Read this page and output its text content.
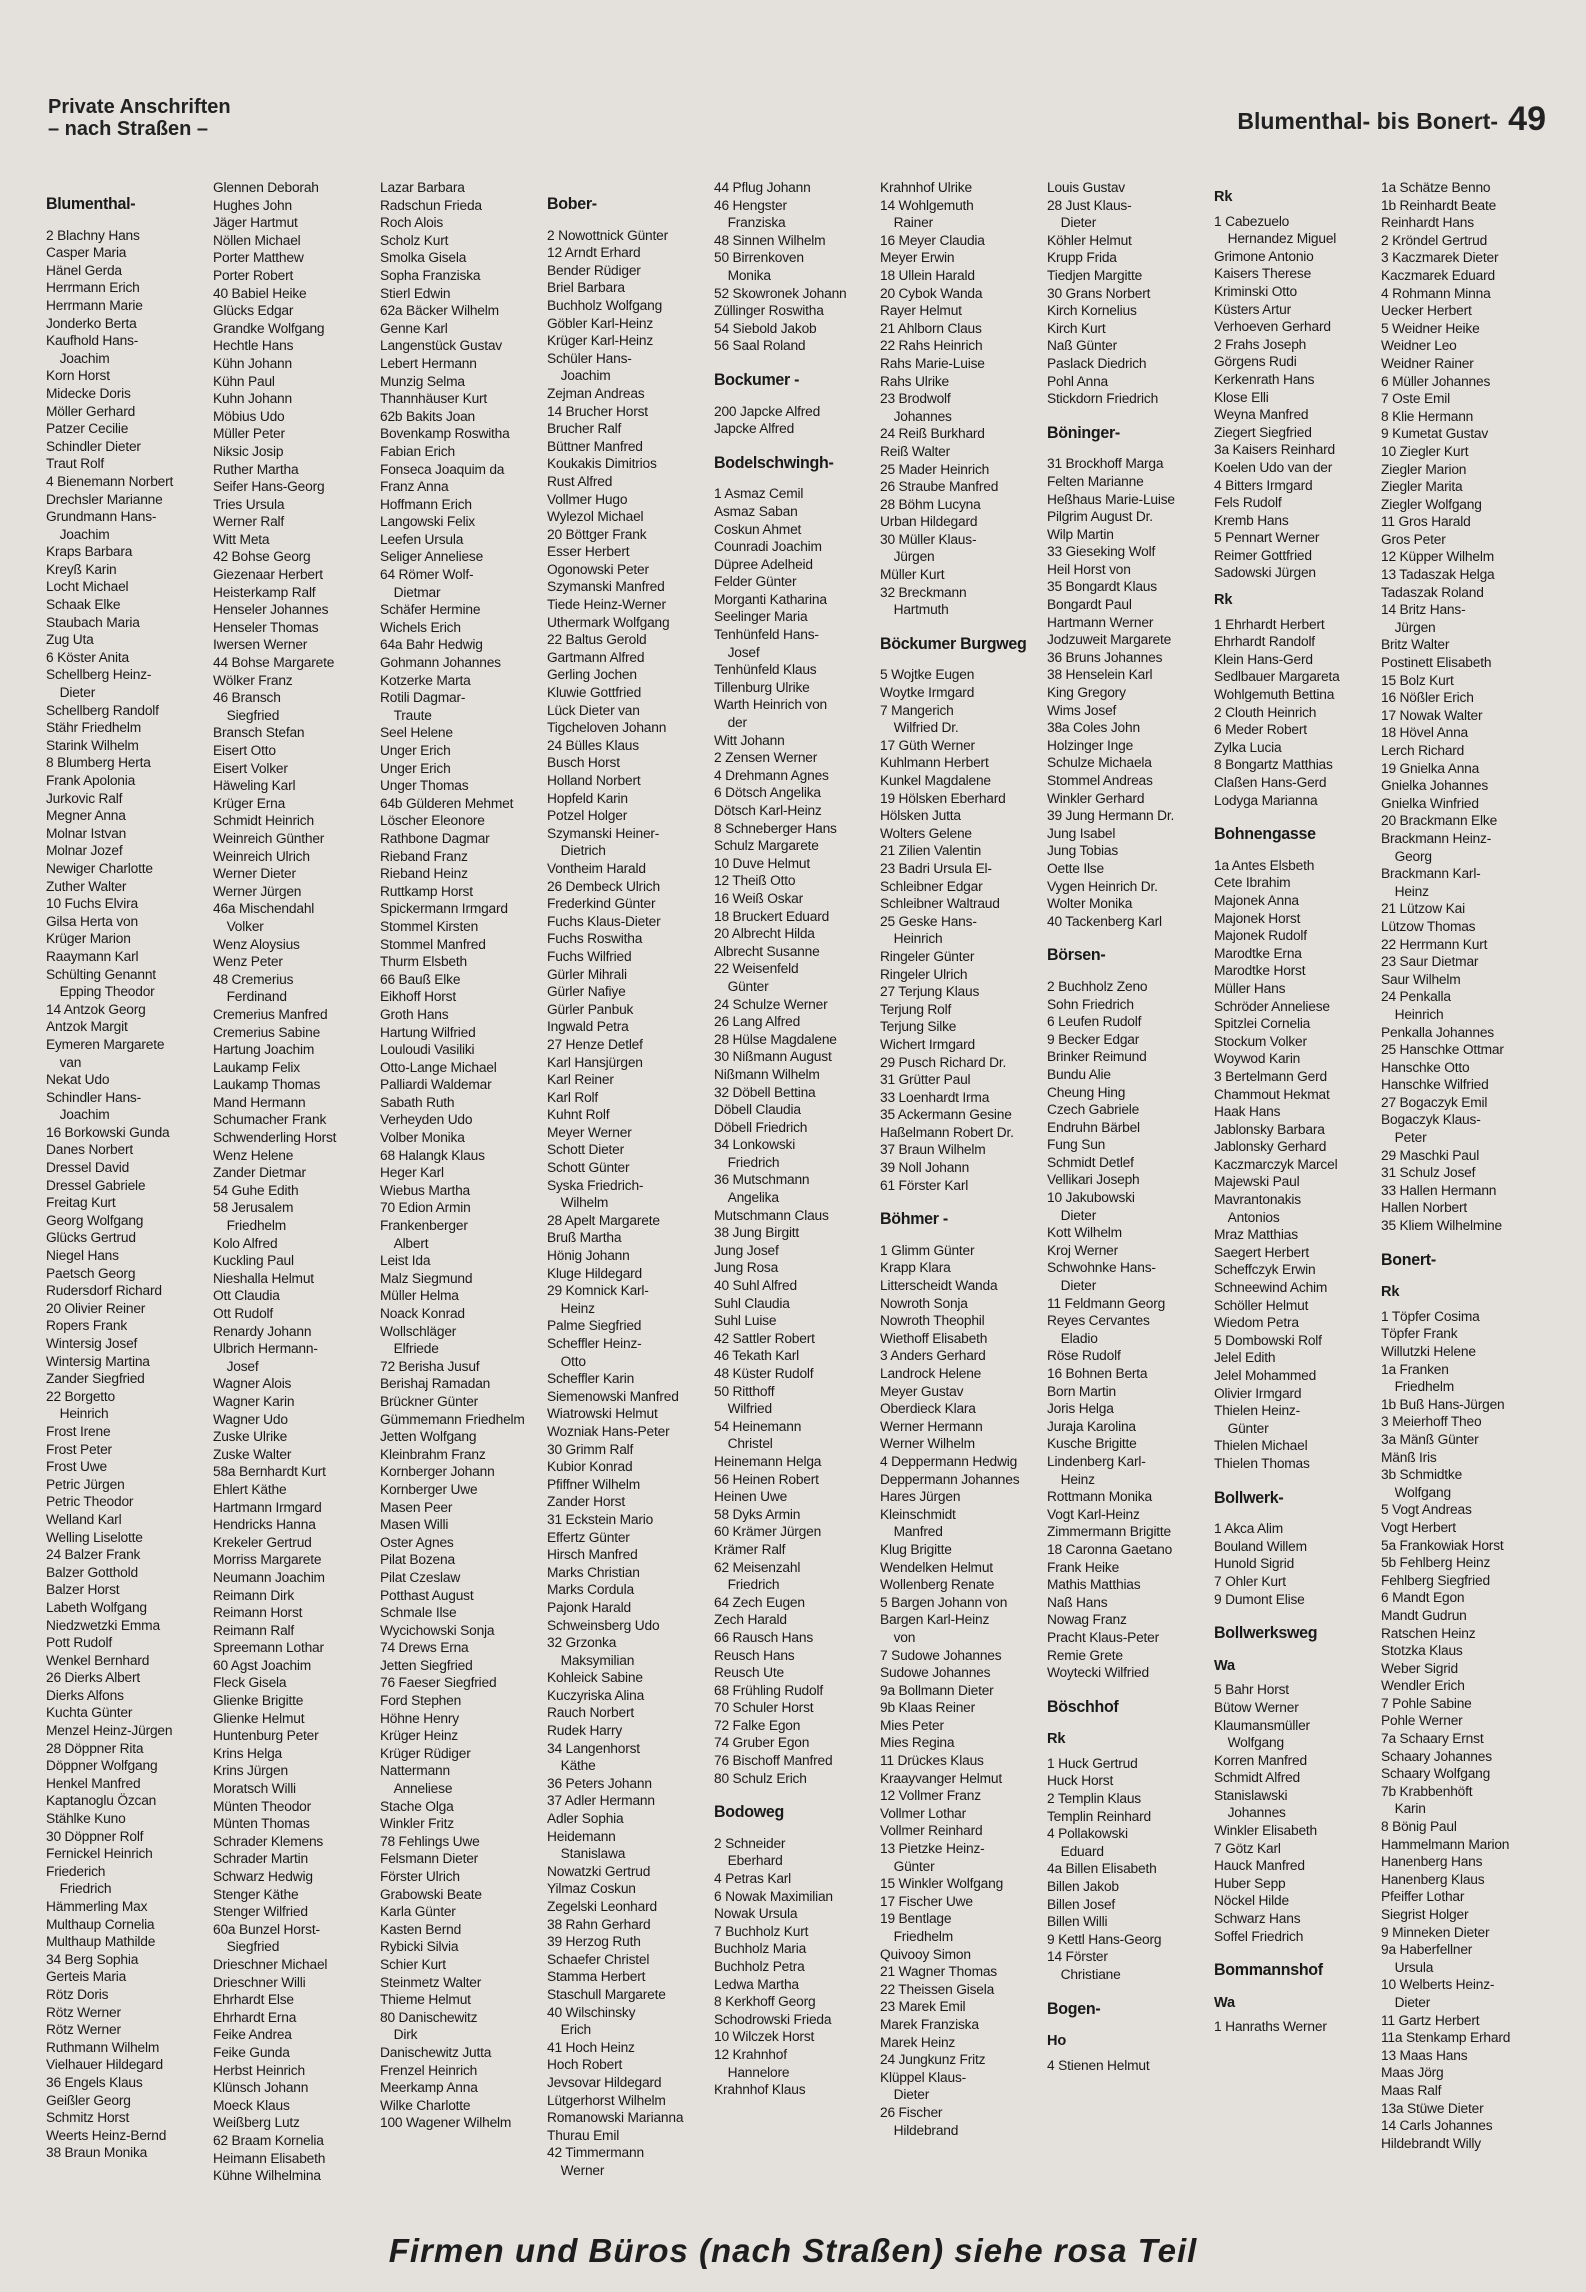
Private Anschriften
– nach Straßen –	Blumenthal- bis Bonert- 49
Blumenthal-
2 Blachny Hans
Casper Maria
Hänel Gerda
Herrmann Erich
Herrmann Marie
Jonderko Berta
Kaufhold Hans-
Joachim
Korn Horst
Midecke Doris
Möller Gerhard
Patzer Cecilie
Schindler Dieter
Traut Rolf
4 Bienemann Norbert
Drechsler Marianne
Grundmann Hans-
Joachim
Kraps Barbara
Kreyß Karin
Locht Michael
Schaak Elke
Staubach Maria
Zug Uta
6 Köster Anita
Schellberg Heinz-
Dieter
Schellberg Randolf
Stähr Friedhelm
Starink Wilhelm
8 Blumberg Herta
Frank Apolonia
Jurkovic Ralf
Megner Anna
Molnar Istvan
Molnar Jozef
Newiger Charlotte
Zuther Walter
10 Fuchs Elvira
Gilsa Herta von
Krüger Marion
Raaymann Karl
Schülting Genannt
Epping Theodor
14 Antzok Georg
Antzok Margit
Eymeren Margarete
van
Nekat Udo
Schindler Hans-
Joachim
16 Borkowski Gunda
Danes Norbert
Dressel David
Dressel Gabriele
Freitag Kurt
Georg Wolfgang
Glücks Gertrud
Niegel Hans
Paetsch Georg
Rudersdorf Richard
20 Olivier Reiner
Ropers Frank
Wintersig Josef
Wintersig Martina
Zander Siegfried
22 Borgetto
Heinrich
Frost Irene
Frost Peter
Frost Uwe
Petric Jürgen
Petric Theodor
Welland Karl
Welling Liselotte
24 Balzer Frank
Balzer Gotthold
Balzer Horst
Labeth Wolfgang
Niedzwetzki Emma
Pott Rudolf
Wenkel Bernhard
26 Dierks Albert
Dierks Alfons
Kuchta Günter
Menzel Heinz-Jürgen
28 Döppner Rita
Döppner Wolfgang
Henkel Manfred
Kaptanoglu Özcan
Stählke Kuno
30 Döppner Rolf
Fernickel Heinrich
Friederich
Friedrich
Hämmerling Max
Multhaup Cornelia
Multhaup Mathilde
34 Berg Sophia
Gerteis Maria
Rötz Doris
Rötz Werner
Rötz Werner
Ruthmann Wilhelm
Vielhauer Hildegard
36 Engels Klaus
Geißler Georg
Schmitz Horst
Weerts Heinz-Bernd
38 Braun Monika
Glennen Deborah
Hughes John
Jäger Hartmut
Nöllen Michael
Porter Matthew
Porter Robert
40 Babiel Heike
Glücks Edgar
Grandke Wolfgang
Hechtle Hans
Kühn Johann
Kühn Paul
Kuhn Johann
Möbius Udo
Müller Peter
Niksic Josip
Ruther Martha
Seifer Hans-Georg
Tries Ursula
Werner Ralf
Witt Meta
42 Bohse Georg
Giezenaar Herbert
Heisterkamp Ralf
Henseler Johannes
Henseler Thomas
Iwersen Werner
44 Bohse Margarete
Wölker Franz
46 Bransch
Siegfried
Bransch Stefan
Eisert Otto
Eisert Volker
Häweling Karl
Krüger Erna
Schmidt Heinrich
Weinreich Günther
Weinreich Ulrich
Werner Dieter
Werner Jürgen
46a Mischendahl
Volker
Wenz Aloysius
Wenz Peter
48 Cremerius
Ferdinand
Cremerius Manfred
Cremerius Sabine
Hartung Joachim
Laukamp Felix
Laukamp Thomas
Mand Hermann
Schumacher Frank
Schwenderling Horst
Wenz Helene
Zander Dietmar
54 Guhe Edith
58 Jerusalem
Friedhelm
Kolo Alfred
Kuckling Paul
Nieshalla Helmut
Ott Claudia
Ott Rudolf
Renardy Johann
Ulbrich Hermann-
Josef
Wagner Alois
Wagner Karin
Wagner Udo
Zuske Ulrike
Zuske Walter
58a Bernhardt Kurt
Ehlert Käthe
Hartmann Irmgard
Hendricks Hanna
Krekeler Gertrud
Morriss Margarete
Neumann Joachim
Reimann Dirk
Reimann Horst
Reimann Ralf
Spreemann Lothar
60 Agst Joachim
Fleck Gisela
Glienke Brigitte
Glienke Helmut
Huntenburg Peter
Krins Helga
Krins Jürgen
Moratsch Willi
Münten Theodor
Münten Thomas
Schrader Klemens
Schrader Martin
Schwarz Hedwig
Stenger Käthe
Stenger Wilfried
60a Bunzel Horst-
Siegfried
Drieschner Michael
Drieschner Willi
Ehrhardt Else
Ehrhardt Erna
Feike Andrea
Feike Gunda
Herbst Heinrich
Klünsch Johann
Moeck Klaus
Weißberg Lutz
62 Braam Kornelia
Heimann Elisabeth
Kühne Wilhelmina
Lazar Barbara
Radschun Frieda
Roch Alois
Scholz Kurt
Smolka Gisela
Sopha Franziska
Stierl Edwin
62a Bäcker Wilhelm
Genne Karl
Langenstück Gustav
Lebert Hermann
Munzig Selma
Thannhäuser Kurt
62b Bakits Joan
Bovenkamp Roswitha
Fabian Erich
Fonseca Joaquim da
Franz Anna
Hoffmann Erich
Langowski Felix
Leefen Ursula
Seliger Anneliese
64 Römer Wolf-
Dietmar
Schäfer Hermine
Wichels Erich
64a Bahr Hedwig
Gohmann Johannes
Kotzerke Marta
Rotili Dagmar-
Traute
Seel Helene
Unger Erich
Unger Erich
Unger Thomas
64b Gülderen Mehmet
Löscher Eleonore
Rathbone Dagmar
Rieband Franz
Rieband Heinz
Ruttkamp Horst
Spickermann Irmgard
Stommel Kirsten
Stommel Manfred
Thurm Elsbeth
66 Bauß Elke
Eikhoff Horst
Groth Hans
Hartung Wilfried
Louloudi Vasiliki
Otto-Lange Michael
Palliardi Waldemar
Sabath Ruth
Verheyden Udo
Volber Monika
68 Halangk Klaus
Heger Karl
Wiebus Martha
70 Edion Armin
Frankenberger
Albert
Leist Ida
Malz Siegmund
Müller Helma
Noack Konrad
Wollschläger
Elfriede
72 Berisha Jusuf
Berishaj Ramadan
Brückner Günter
Gümmemann Friedhelm
Jetten Wolfgang
Kleinbrahm Franz
Kornberger Johann
Kornberger Uwe
Masen Peer
Masen Willi
Oster Agnes
Pilat Bozena
Pilat Czeslaw
Potthast August
Schmale Ilse
Wycichowski Sonja
74 Drews Erna
Jetten Siegfried
76 Faeser Siegfried
Ford Stephen
Höhne Henry
Krüger Heinz
Krüger Rüdiger
Nattermann
Anneliese
Stache Olga
Winkler Fritz
78 Fehlings Uwe
Felsmann Dieter
Förster Ulrich
Grabowski Beate
Karla Günter
Kasten Bernd
Rybicki Silvia
Schier Kurt
Steinmetz Walter
Thieme Helmut
80 Danischewitz
Dirk
Danischewitz Jutta
Frenzel Heinrich
Meerkamp Anna
Wilke Charlotte
100 Wagener Wilhelm
Bober-
2 Nowottnick Günter
12 Arndt Erhard
Bender Rüdiger
Briel Barbara
Buchholz Wolfgang
Göbler Karl-Heinz
Krüger Karl-Heinz
Schüler Hans-
Joachim
Zejman Andreas
14 Brucher Horst
Brucher Ralf
Büttner Manfred
Koukakis Dimitrios
Rust Alfred
Vollmer Hugo
Wylezol Michael
20 Böttger Frank
Esser Herbert
Ogonowski Peter
Szymanski Manfred
Tiede Heinz-Werner
Uthermark Wolfgang
22 Baltus Gerold
Gartmann Alfred
Gerling Jochen
Kluwie Gottfried
Lück Dieter van
Tigcheloven Johann
24 Bülles Klaus
Busch Horst
Holland Norbert
Hopfeld Karin
Potzel Holger
Szymanski Heiner-
Dietrich
Vontheim Harald
26 Dembeck Ulrich
Frederkind Günter
Fuchs Klaus-Dieter
Fuchs Roswitha
Fuchs Wilfried
Gürler Mihrali
Gürler Nafiye
Gürler Panbuk
Ingwald Petra
27 Henze Detlef
Karl Hansjürgen
Karl Reiner
Karl Rolf
Kuhnt Rolf
Meyer Werner
Schott Dieter
Schott Günter
Syska Friedrich-
Wilhelm
28 Apelt Margarete
Bruß Martha
Hönig Johann
Kluge Hildegard
29 Komnick Karl-
Heinz
Palme Siegfried
Scheffler Heinz-
Otto
Scheffler Karin
Siemenowski Manfred
Wiatrowski Helmut
Wozniak Hans-Peter
30 Grimm Ralf
Kubior Konrad
Pfiffner Wilhelm
Zander Horst
31 Eckstein Mario
Effertz Günter
Hirsch Manfred
Marks Christian
Marks Cordula
Pajonk Harald
Schweinsberg Udo
32 Grzonka
Maksymilian
Kohleick Sabine
Kuczyriska Alina
Rauch Norbert
Rudek Harry
34 Langenhorst
Käthe
36 Peters Johann
37 Adler Hermann
Adler Sophia
Heidemann
Stanislawa
Nowatzki Gertrud
Yilmaz Coskun
Zegelski Leonhard
38 Rahn Gerhard
39 Herzog Ruth
Schaefer Christel
Stamma Herbert
Staschull Margarete
40 Wilschinsky
Erich
41 Hoch Heinz
Hoch Robert
Jevsovar Hildegard
Lütgerhorst Wilhelm
Romanowski Marianna
Thurau Emil
42 Timmermann
Werner
44 Pflug Johann
46 Hengster
Franziska
48 Sinnen Wilhelm
50 Birrenkoven
Monika
52 Skowronek Johann
Züllinger Roswitha
54 Siebold Jakob
56 Saal Roland
Bockumer -
200 Japcke Alfred
Japcke Alfred
Bodelschwingh-
1 Asmaz Cemil
Asmaz Saban
Coskun Ahmet
Counradi Joachim
Düpree Adelheid
Felder Günter
Morganti Katharina
Seelinger Maria
Tenhünfeld Hans-
Josef
Tenhünfeld Klaus
Tillenburg Ulrike
Warth Heinrich von
der
Witt Johann
2 Zensen Werner
4 Drehmann Agnes
6 Dötsch Angelika
Dötsch Karl-Heinz
8 Schneberger Hans
Schulz Margarete
10 Duve Helmut
12 Theiß Otto
16 Weiß Oskar
18 Bruckert Eduard
20 Albrecht Hilda
Albrecht Susanne
22 Weisenfeld
Günter
24 Schulze Werner
26 Lang Alfred
28 Hülse Magdalene
30 Nißmann August
Nißmann Wilhelm
32 Döbell Bettina
Döbell Claudia
Döbell Friedrich
34 Lonkowski
Friedrich
36 Mutschmann
Angelika
Mutschmann Claus
38 Jung Birgitt
Jung Josef
Jung Rosa
40 Suhl Alfred
Suhl Claudia
Suhl Luise
42 Sattler Robert
46 Tekath Karl
48 Küster Rudolf
50 Ritthoff
Wilfried
54 Heinemann
Christel
Heinemann Helga
56 Heinen Robert
Heinen Uwe
58 Dyks Armin
60 Krämer Jürgen
Krämer Ralf
62 Meisenzahl
Friedrich
64 Zech Eugen
Zech Harald
66 Rausch Hans
Reusch Hans
Reusch Ute
68 Frühling Rudolf
70 Schuler Horst
72 Falke Egon
74 Gruber Egon
76 Bischoff Manfred
80 Schulz Erich
Bodoweg
2 Schneider
Eberhard
4 Petras Karl
6 Nowak Maximilian
Nowak Ursula
7 Buchholz Kurt
Buchholz Maria
Buchholz Petra
Ledwa Martha
8 Kerkhoff Georg
Schodrowski Frieda
10 Wilczek Horst
12 Krahnhof
Hannelore
Krahnhof Klaus
Krahnhof Ulrike
14 Wohlgemuth
Rainer
16 Meyer Claudia
Meyer Erwin
18 Ullein Harald
20 Cybok Wanda
Rayer Helmut
21 Ahlborn Claus
22 Rahs Heinrich
Rahs Marie-Luise
Rahs Ulrike
23 Brodwolf
Johannes
24 Reiß Burkhard
Reiß Walter
25 Mader Heinrich
26 Straube Manfred
28 Böhm Lucyna
Urban Hildegard
30 Müller Klaus-
Jürgen
Müller Kurt
32 Breckmann
Hartmuth
Böckumer Burgweg
5 Wojtke Eugen
Woytke Irmgard
7 Mangerich
Wilfried Dr.
17 Güth Werner
Kuhlmann Herbert
Kunkel Magdalene
19 Hölsken Eberhard
Hölsken Jutta
Wolters Gelene
21 Zilien Valentin
23 Badri Ursula El-
Schleibner Edgar
Schleibner Waltraud
25 Geske Hans-
Heinrich
Ringeler Günter
Ringeler Ulrich
27 Terjung Klaus
Terjung Rolf
Terjung Silke
Wichert Irmgard
29 Pusch Richard Dr.
31 Grütter Paul
33 Loenhardt Irma
35 Ackermann Gesine
Haßelmann Robert Dr.
37 Braun Wilhelm
39 Noll Johann
61 Förster Karl
Böhmer -
1 Glimm Günter
Krapp Klara
Litterscheidt Wanda
Nowroth Sonja
Nowroth Theophil
Wiethoff Elisabeth
3 Anders Gerhard
Landrock Helene
Meyer Gustav
Oberdieck Klara
Werner Hermann
Werner Wilhelm
4 Deppermann Hedwig
Deppermann Johannes
Hares Jürgen
Kleinschmidt
Manfred
Klug Brigitte
Wendelken Helmut
Wollenberg Renate
5 Bargen Johann von
Bargen Karl-Heinz
von
7 Sudowe Johannes
Sudowe Johannes
9a Bollmann Dieter
9b Klaas Reiner
Mies Peter
Mies Regina
11 Drückes Klaus
Kraayvanger Helmut
12 Vollmer Franz
Vollmer Lothar
Vollmer Reinhard
13 Pietzke Heinz-
Günter
15 Winkler Wolfgang
17 Fischer Uwe
19 Bentlage
Friedhelm
Quivooy Simon
21 Wagner Thomas
22 Theissen Gisela
23 Marek Emil
Marek Franziska
Marek Heinz
24 Jungkunz Fritz
Klüppel Klaus-
Dieter
26 Fischer
Hildebrand
Louis Gustav
28 Just Klaus-
Dieter
Köhler Helmut
Krupp Frida
Tiedjen Margitte
30 Grans Norbert
Kirch Kornelius
Kirch Kurt
Naß Günter
Paslack Diedrich
Pohl Anna
Stickdorn Friedrich
Böninger-
31 Brockhoff Marga
Felten Marianne
Heßhaus Marie-Luise
Pilgrim August Dr.
Wilp Martin
33 Gieseking Wolf
Heil Horst von
35 Bongardt Klaus
Bongardt Paul
Hartmann Werner
Jodzuweit Margarete
36 Bruns Johannes
38 Henselein Karl
King Gregory
Wims Josef
38a Coles John
Holzinger Inge
Schulze Michaela
Stommel Andreas
Winkler Gerhard
39 Jung Hermann Dr.
Jung Isabel
Jung Tobias
Oette Ilse
Vygen Heinrich Dr.
Wolter Monika
40 Tackenberg Karl
Börsen-
2 Buchholz Zeno
Sohn Friedrich
6 Leufen Rudolf
9 Becker Edgar
Brinker Reimund
Bundu Alie
Cheung Hing
Czech Gabriele
Endruhn Bärbel
Fung Sun
Schmidt Detlef
Vellikari Joseph
10 Jakubowski
Dieter
Kott Wilhelm
Kroj Werner
Schwohnke Hans-
Dieter
11 Feldmann Georg
Reyes Cervantes
Eladio
Röse Rudolf
16 Bohnen Berta
Born Martin
Joris Helga
Juraja Karolina
Kusche Brigitte
Lindenberg Karl-
Heinz
Rottmann Monika
Vogt Karl-Heinz
Zimmermann Brigitte
18 Caronna Gaetano
Frank Heike
Mathis Matthias
Naß Hans
Nowag Franz
Pracht Klaus-Peter
Remie Grete
Woytecki Wilfried
Böschhof
Rk
1 Huck Gertrud
Huck Horst
2 Templin Klaus
Templin Reinhard
4 Pollakowski
Eduard
4a Billen Elisabeth
Billen Jakob
Billen Josef
Billen Willi
9 Kettl Hans-Georg
14 Förster
Christiane
Bogen-
Ho
4 Stienen Helmut
Rk
1 Cabezuelo
Hernandez Miguel
Grimone Antonio
Kaisers Therese
Kriminski Otto
Küsters Artur
Verhoeven Gerhard
2 Frahs Joseph
Görgens Rudi
Kerkenrath Hans
Klose Elli
Weyna Manfred
Ziegert Siegfried
3a Kaisers Reinhard
Koelen Udo van der
4 Bitters Irmgard
Fels Rudolf
Kremb Hans
5 Pennart Werner
Reimer Gottfried
Sadowski Jürgen
Rk
1 Ehrhardt Herbert
Ehrhardt Randolf
Klein Hans-Gerd
Sedlbauer Margareta
Wohlgemuth Bettina
2 Clouth Heinrich
6 Meder Robert
Zylka Lucia
8 Bongartz Matthias
Claßen Hans-Gerd
Lodyga Marianna
Bohnengasse
1a Antes Elsbeth
Cete Ibrahim
Majonek Anna
Majonek Horst
Majonek Rudolf
Marodtke Erna
Marodtke Horst
Müller Hans
Schröder Anneliese
Spitzlei Cornelia
Stockum Volker
Woywod Karin
3 Bertelmann Gerd
Chammout Hekmat
Haak Hans
Jablonsky Barbara
Jablonsky Gerhard
Kaczmarczyk Marcel
Majewski Paul
Mavrantonakis
Antonios
Mraz Matthias
Saegert Herbert
Scheffczyk Erwin
Schneewind Achim
Schöller Helmut
Wiedom Petra
5 Dombowski Rolf
Jelel Edith
Jelel Mohammed
Olivier Irmgard
Thielen Heinz-
Günter
Thielen Michael
Thielen Thomas
Bollwerk-
1 Akca Alim
Bouland Willem
Hunold Sigrid
7 Ohler Kurt
9 Dumont Elise
Bollwerksweg
Wa
5 Bahr Horst
Bütow Werner
Klaumansmüller
Wolfgang
Korren Manfred
Schmidt Alfred
Stanislawski
Johannes
Winkler Elisabeth
7 Götz Karl
Hauck Manfred
Huber Sepp
Nöckel Hilde
Schwarz Hans
Soffel Friedrich
Bommannshof
Wa
1 Hanraths Werner
1a Schätze Benno
1b Reinhardt Beate
Reinhardt Hans
2 Kröndel Gertrud
3 Kaczmarek Dieter
Kaczmarek Eduard
4 Rohmann Minna
Uecker Herbert
5 Weidner Heike
Weidner Leo
Weidner Rainer
6 Müller Johannes
7 Oste Emil
8 Klie Hermann
9 Kumetat Gustav
10 Ziegler Kurt
Ziegler Marion
Ziegler Marita
Ziegler Wolfgang
11 Gros Harald
Gros Peter
12 Küpper Wilhelm
13 Tadaszak Helga
Tadaszak Roland
14 Britz Hans-
Jürgen
Britz Walter
Postinett Elisabeth
15 Bolz Kurt
16 Nößler Erich
17 Nowak Walter
18 Hövel Anna
Lerch Richard
19 Gnielka Anna
Gnielka Johannes
Gnielka Winfried
20 Brackmann Elke
Brackmann Heinz-
Georg
Brackmann Karl-
Heinz
21 Lützow Kai
Lützow Thomas
22 Herrmann Kurt
23 Saur Dietmar
Saur Wilhelm
24 Penkalla
Heinrich
Penkalla Johannes
25 Hanschke Ottmar
Hanschke Otto
Hanschke Wilfried
27 Bogaczyk Emil
Bogaczyk Klaus-
Peter
29 Maschki Paul
31 Schulz Josef
33 Hallen Hermann
Hallen Norbert
35 Kliem Wilhelmine
Bonert-
Rk
1 Töpfer Cosima
Töpfer Frank
Willutzki Helene
1a Franken
Friedhelm
1b Buß Hans-Jürgen
3 Meierhoff Theo
3a Mänß Günter
Mänß Iris
3b Schmidtke
Wolfgang
5 Vogt Andreas
Vogt Herbert
5a Frankowiak Horst
5b Fehlberg Heinz
Fehlberg Siegfried
6 Mandt Egon
Mandt Gudrun
Ratschen Heinz
Stotzka Klaus
Weber Sigrid
Wendler Erich
7 Pohle Sabine
Pohle Werner
7a Schaary Ernst
Schaary Johannes
Schaary Wolfgang
7b Krabbenhöft
Karin
8 Bönig Paul
Hammelmann Marion
Hanenberg Hans
Hanenberg Klaus
Pfeiffer Lothar
Siegrist Holger
9 Minneken Dieter
9a Haberfellner
Ursula
10 Welberts Heinz-
Dieter
11 Gartz Herbert
11a Stenkamp Erhard
13 Maas Hans
Maas Jörg
Maas Ralf
13a Stüwe Dieter
14 Carls Johannes
Hildebrandt Willy
Firmen und Büros (nach Straßen) siehe rosa Teil
